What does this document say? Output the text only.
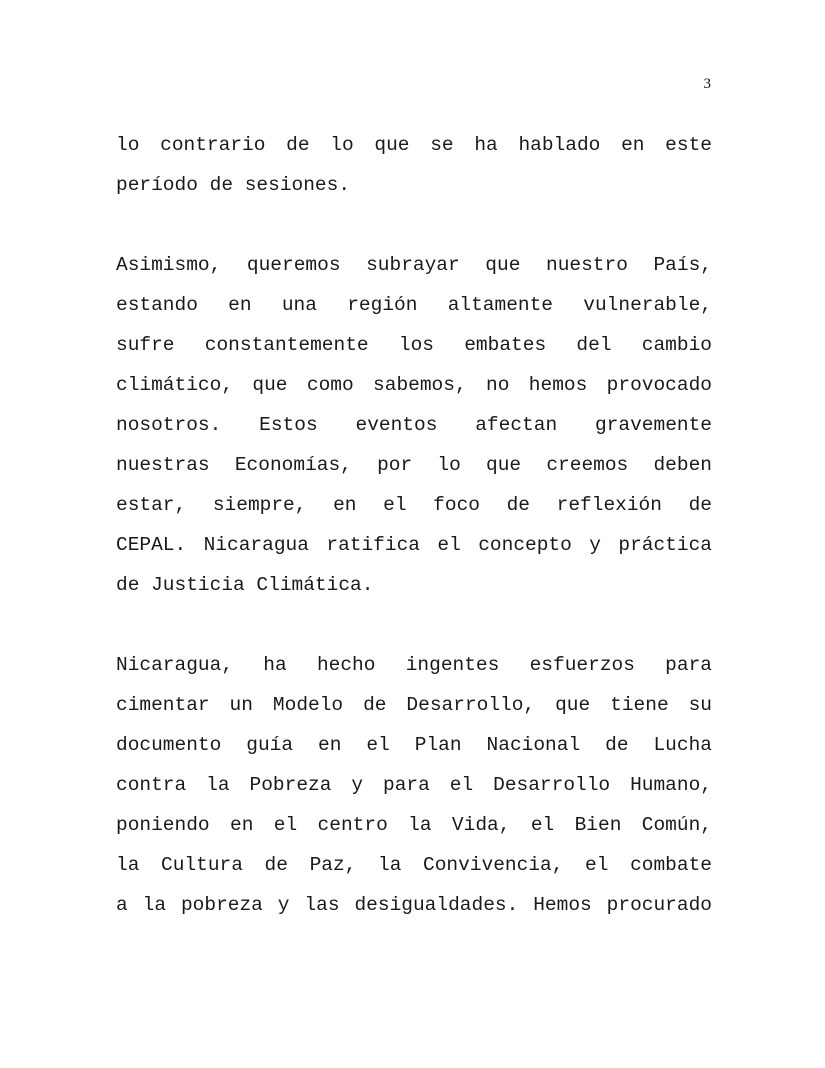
3
lo contrario de lo que se ha hablado en este
período de sesiones.
Asimismo, queremos subrayar que nuestro País,
estando en una región altamente vulnerable,
sufre constantemente los embates del cambio
climático, que como sabemos, no hemos provocado
nosotros. Estos eventos afectan gravemente
nuestras Economías, por lo que creemos deben
estar, siempre, en el foco de reflexión de
CEPAL. Nicaragua ratifica el concepto y práctica
de Justicia Climática.
Nicaragua, ha hecho ingentes esfuerzos para
cimentar un Modelo de Desarrollo, que tiene su
documento guía en el Plan Nacional de Lucha
contra la Pobreza y para el Desarrollo Humano,
poniendo en el centro la Vida, el Bien Común,
la Cultura de Paz, la Convivencia, el combate
a la pobreza y las desigualdades. Hemos procurado
